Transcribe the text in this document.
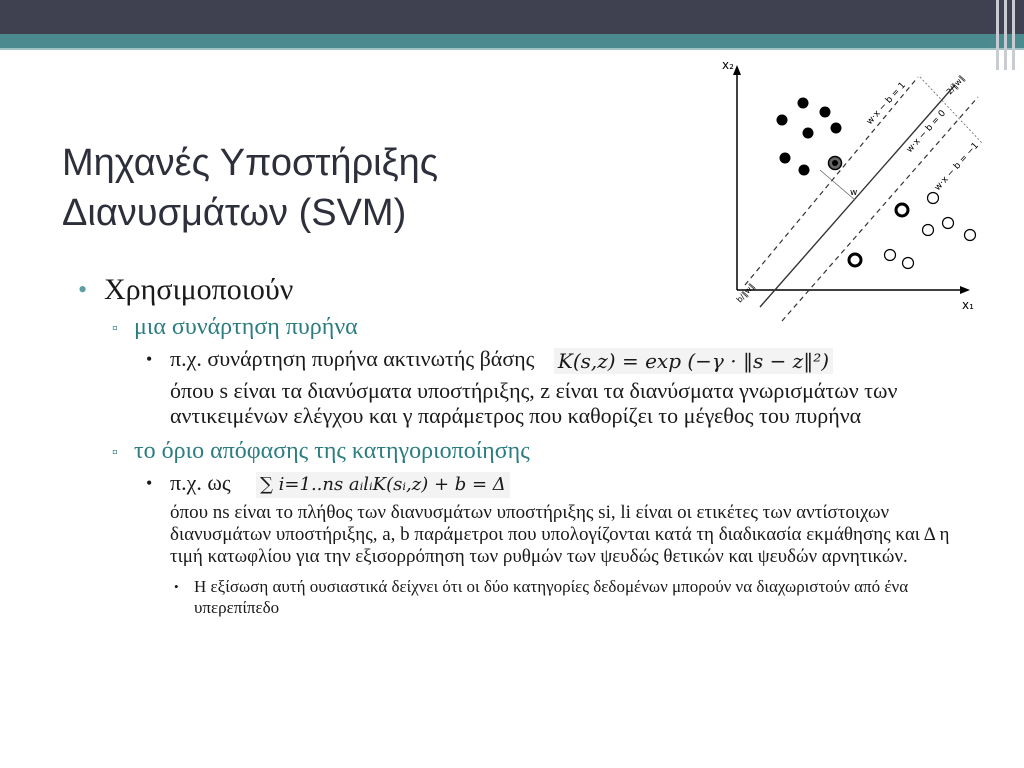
Μηχανές Υποστήριξης Διανυσμάτων (SVM)
x₂
x₁
w·x − b = 1
w·x − b = 0
w·x − b = −1
2/‖w‖
w
b/‖w‖
• Χρησιμοποιούν
▫ μια συνάρτηση πυρήνα
• π.χ. συνάρτηση πυρήνα ακτινωτής βάσης K(s,z) = exp (−γ · ‖s − z‖²)
όπου s είναι τα διανύσματα υποστήριξης, z είναι τα διανύσματα γνωρισμάτων των αντικειμένων ελέγχου και γ παράμετρος που καθορίζει το μέγεθος του πυρήνα
▫ το όριο απόφασης της κατηγοριοποίησης
• π.χ. ως ∑ i=1..ns aᵢlᵢK(sᵢ,z) + b = Δ
όπου ns είναι το πλήθος των διανυσμάτων υποστήριξης si, li είναι οι ετικέτες των αντίστοιχων διανυσμάτων υποστήριξης, a, b παράμετροι που υπολογίζονται κατά τη διαδικασία εκμάθησης και Δ η τιμή κατωφλίου για την εξισορρόπηση των ρυθμών των ψευδώς θετικών και ψευδών αρνητικών.
• Η εξίσωση αυτή ουσιαστικά δείχνει ότι οι δύο κατηγορίες δεδομένων μπορούν να διαχωριστούν από ένα υπερεπίπεδο
